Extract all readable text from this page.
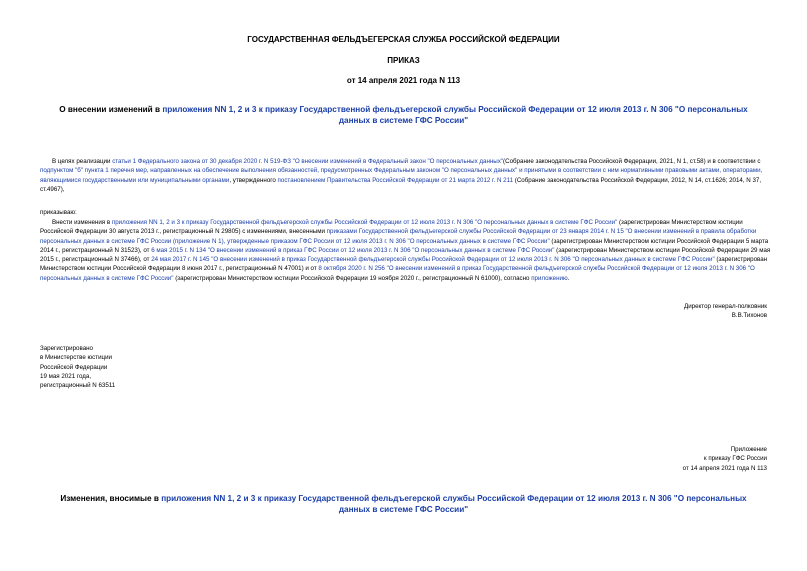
ГОСУДАРСТВЕННАЯ ФЕЛЬДЪЕГЕРСКАЯ СЛУЖБА РОССИЙСКОЙ ФЕДЕРАЦИИ
ПРИКАЗ
от 14 апреля 2021 года N 113
О внесении изменений в приложения NN 1, 2 и 3 к приказу Государственной фельдъегерской службы Российской Федерации от 12 июля 2013 г. N 306 "О персональных данных в системе ГФС России"
В целях реализации статьи 1 Федерального закона от 30 декабря 2020 г. N 519-ФЗ "О внесении изменений в Федеральный закон "О персональных данных"(Собрание законодательства Российской Федерации, 2021, N 1, ст.58) и в соответствии с подпунктом "б" пункта 1 перечня мер, направленных на обеспечение выполнения обязанностей, предусмотренных Федеральным законом "О персональных данных" и принятыми в соответствии с ним нормативными правовыми актами, операторами, являющимися государственными или муниципальными органами, утвержденного постановлением Правительства Российской Федерации от 21 марта 2012 г. N 211 (Собрание законодательства Российской Федерации, 2012, N 14, ст.1626; 2014, N 37, ст.4967),
приказываю:
Внести изменения в приложения NN 1, 2 и 3 к приказу Государственной фельдъегерской службы Российской Федерации от 12 июля 2013 г. N 306 "О персональных данных в системе ГФС России" (зарегистрирован Министерством юстиции Российской Федерации 30 августа 2013 г., регистрационный N 29805) с изменениями, внесенными приказами Государственной фельдъегерской службы Российской Федерации от 23 января 2014 г. N 15 "О внесении изменений в правила обработки персональных данных в системе ГФС России (приложение N 1), утвержденные приказом ГФС России от 12 июля 2013 г. N 306 "О персональных данных в системе ГФС России" (зарегистрирован Министерством юстиции Российской Федерации 5 марта 2014 г., регистрационный N 31523), от 6 мая 2015 г. N 134 "О внесении изменений в приказ ГФС России от 12 июля 2013 г. N 306 "О персональных данных в системе ГФС России" (зарегистрирован Министерством юстиции Российской Федерации 29 мая 2015 г., регистрационный N 37466), от 24 мая 2017 г. N 145 "О внесении изменений в приказ Государственной фельдъегерской службы Российской Федерации от 12 июля 2013 г. N 306 "О персональных данных в системе ГФС России" (зарегистрирован Министерством юстиции Российской Федерации 8 июня 2017 г., регистрационный N 47001) и от 8 октября 2020 г. N 256 "О внесении изменений в приказ Государственной фельдъегерской службы Российской Федерации от 12 июля 2013 г. N 306 "О персональных данных в системе ГФС России" (зарегистрирован Министерством юстиции Российской Федерации 19 ноября 2020 г., регистрационный N 61000), согласно приложению.
Директор генерал-полковник
В.В.Тихонов
Зарегистрировано
в Министерстве юстиции
Российской Федерации
19 мая 2021 года,
регистрационный N 63511
Приложение
к приказу ГФС России
от 14 апреля 2021 года N 113
Изменения, вносимые в приложения NN 1, 2 и 3 к приказу Государственной фельдъегерской службы Российской Федерации от 12 июля 2013 г. N 306 "О персональных данных в системе ГФС России"
